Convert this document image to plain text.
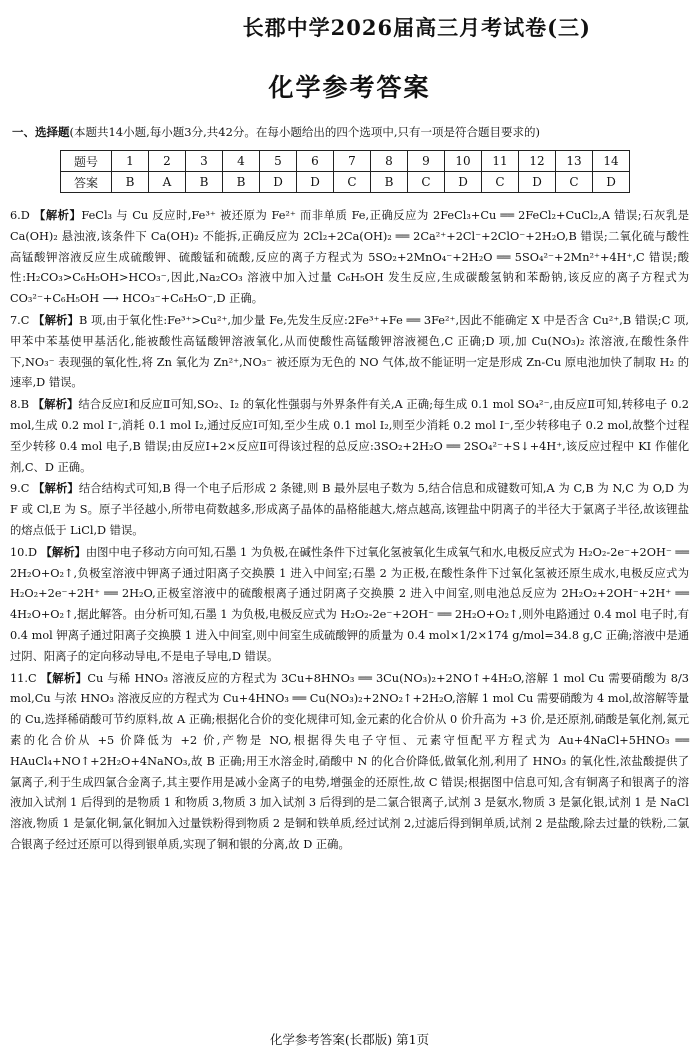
长郡中学2026届高三月考试卷(三)
化学参考答案
一、选择题(本题共14小题,每小题3分,共42分。在每小题给出的四个选项中,只有一项是符合题目要求的)
题号	1	2	3	4	5	6	7	8	9	10	11	12	13	14
答案	B	A	B	B	D	D	C	B	C	D	C	D	C	D

6.D 【解析】FeCl₃ 与 Cu 反应时,Fe³⁺ 被还原为 Fe²⁺ 而非单质 Fe,正确反应为 2FeCl₃+Cu ══ 2FeCl₂+CuCl₂,A 错误;石灰乳是 Ca(OH)₂ 悬浊液,该条件下 Ca(OH)₂ 不能拆,正确反应为 2Cl₂+2Ca(OH)₂ ══ 2Ca²⁺+2Cl⁻+2ClO⁻+2H₂O,B 错误;二氧化硫与酸性高锰酸钾溶液反应生成硫酸钾、硫酸锰和硫酸,反应的离子方程式为 5SO₂+2MnO₄⁻+2H₂O ══ 5SO₄²⁻+2Mn²⁺+4H⁺,C 错误;酸性:H₂CO₃>C₆H₅OH>HCO₃⁻,因此,Na₂CO₃ 溶液中加入过量 C₆H₅OH 发生反应,生成碳酸氢钠和苯酚钠,该反应的离子方程式为 CO₃²⁻+C₆H₅OH ⟶ HCO₃⁻+C₆H₅O⁻,D 正确。

7.C 【解析】B 项,由于氧化性:Fe³⁺>Cu²⁺,加少量 Fe,先发生反应:2Fe³⁺+Fe ══ 3Fe²⁺,因此不能确定 X 中是否含 Cu²⁺,B 错误;C 项,甲苯中苯基使甲基活化,能被酸性高锰酸钾溶液氧化,从而使酸性高锰酸钾溶液褪色,C 正确;D 项,加 Cu(NO₃)₂ 浓溶液,在酸性条件下,NO₃⁻ 表现强的氧化性,将 Zn 氧化为 Zn²⁺,NO₃⁻ 被还原为无色的 NO 气体,故不能证明一定是形成 Zn-Cu 原电池加快了制取 H₂ 的速率,D 错误。

8.B 【解析】结合反应Ⅰ和反应Ⅱ可知,SO₂、I₂ 的氧化性强弱与外界条件有关,A 正确;每生成 0.1 mol SO₄²⁻,由反应Ⅱ可知,转移电子 0.2 mol,生成 0.2 mol I⁻,消耗 0.1 mol I₂,通过反应Ⅰ可知,至少生成 0.1 mol I₂,则至少消耗 0.2 mol I⁻,至少转移电子 0.2 mol,故整个过程至少转移 0.4 mol 电子,B 错误;由反应Ⅰ+2×反应Ⅱ可得该过程的总反应:3SO₂+2H₂O ══ 2SO₄²⁻+S↓+4H⁺,该反应过程中 KI 作催化剂,C、D 正确。

9.C 【解析】结合结构式可知,B 得一个电子后形成 2 条键,则 B 最外层电子数为 5,结合信息和成键数可知,A 为 C,B 为 N,C 为 O,D 为 F 或 Cl,E 为 S。原子半径越小,所带电荷数越多,形成离子晶体的晶格能越大,熔点越高,该锂盐中阴离子的半径大于氯离子半径,故该锂盐的熔点低于 LiCl,D 错误。

10.D 【解析】由图中电子移动方向可知,石墨 1 为负极,在碱性条件下过氧化氢被氧化生成氧气和水,电极反应式为 H₂O₂-2e⁻+2OH⁻ ══ 2H₂O+O₂↑,负极室溶液中钾离子通过阳离子交换膜 1 进入中间室;石墨 2 为正极,在酸性条件下过氧化氢被还原生成水,电极反应式为 H₂O₂+2e⁻+2H⁺ ══ 2H₂O,正极室溶液中的硫酸根离子通过阴离子交换膜 2 进入中间室,则电池总反应为 2H₂O₂+2OH⁻+2H⁺ ══ 4H₂O+O₂↑,据此解答。由分析可知,石墨 1 为负极,电极反应式为 H₂O₂-2e⁻+2OH⁻ ══ 2H₂O+O₂↑,则外电路通过 0.4 mol 电子时,有 0.4 mol 钾离子通过阳离子交换膜 1 进入中间室,则中间室生成硫酸钾的质量为 0.4 mol×1/2×174 g/mol=34.8 g,C 正确;溶液中是通过阴、阳离子的定向移动导电,不是电子导电,D 错误。

11.C 【解析】Cu 与稀 HNO₃ 溶液反应的方程式为 3Cu+8HNO₃ ══ 3Cu(NO₃)₂+2NO↑+4H₂O,溶解 1 mol Cu 需要硝酸为 8/3 mol,Cu 与浓 HNO₃ 溶液反应的方程式为 Cu+4HNO₃ ══ Cu(NO₃)₂+2NO₂↑+2H₂O,溶解 1 mol Cu 需要硝酸为 4 mol,故溶解等量的 Cu,选择稀硝酸可节约原料,故 A 正确;根据化合价的变化规律可知,金元素的化合价从 0 价升高为 +3 价,是还原剂,硝酸是氧化剂,氮元素的化合价从 +5 价降低为 +2 价,产物是 NO,根据得失电子守恒、元素守恒配平方程式为 Au+4NaCl+5HNO₃ ══ HAuCl₄+NO↑+2H₂O+4NaNO₃,故 B 正确;用王水溶金时,硝酸中 N 的化合价降低,做氧化剂,利用了 HNO₃ 的氧化性,浓盐酸提供了氯离子,利于生成四氯合金离子,其主要作用是减小金离子的电势,增强金的还原性,故 C 错误;根据图中信息可知,含有铜离子和银离子的溶液加入试剂 1 后得到的是物质 1 和物质 3,物质 3 加入试剂 3 后得到的是二氯合银离子,试剂 3 是氨水,物质 3 是氯化银,试剂 1 是 NaCl 溶液,物质 1 是氯化铜,氯化铜加入过量铁粉得到物质 2 是铜和铁单质,经过试剂 2,过滤后得到铜单质,试剂 2 是盐酸,除去过量的铁粉,二氯合银离子经过还原可以得到银单质,实现了铜和银的分离,故 D 正确。

化学参考答案(长郡版) 第1页
